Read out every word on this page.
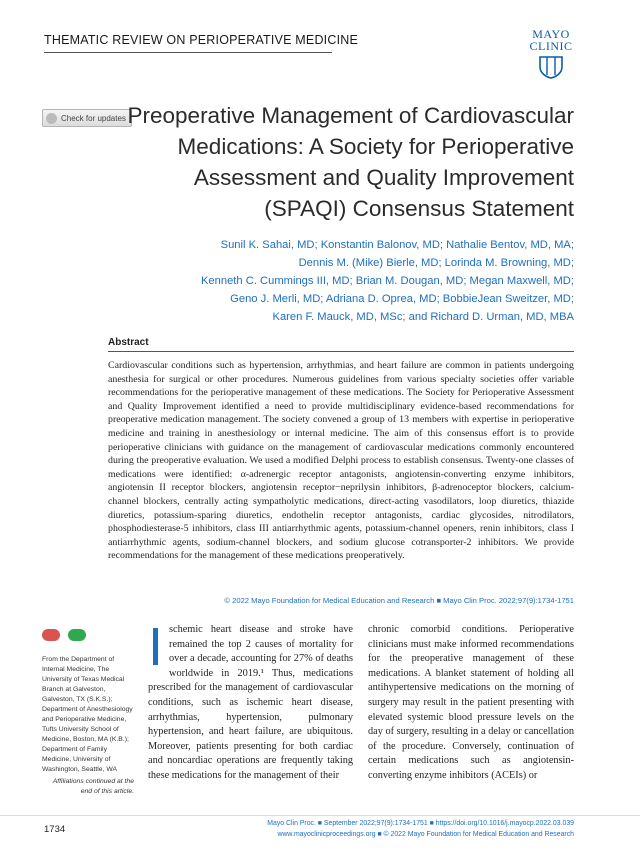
THEMATIC REVIEW ON PERIOPERATIVE MEDICINE	MAYO
CLINIC
Check for updates Preoperative Management of Cardiovascular
Medications: A Society for Perioperative
Assessment and Quality Improvement
(SPAQI) Consensus Statement
Sunil K. Sahai, MD; Konstantin Balonov, MD; Nathalie Bentov, MD, MA;
Dennis M. (Mike) Bierle, MD; Lorinda M. Browning, MD;
Kenneth C. Cummings III, MD; Brian M. Dougan, MD; Megan Maxwell, MD;
Geno J. Merli, MD; Adriana D. Oprea, MD; BobbieJean Sweitzer, MD;
Karen F. Mauck, MD, MSc; and Richard D. Urman, MD, MBA
Abstract
Cardiovascular conditions such as hypertension, arrhythmias, and heart failure are common in patients undergoing anesthesia for surgical or other procedures. Numerous guidelines from various specialty societies offer variable recommendations for the perioperative management of these medications. The Society for Perioperative Assessment and Quality Improvement identified a need to provide multidisciplinary evidence-based recommendations for preoperative medication management. The society convened a group of 13 members with expertise in perioperative medicine and training in anesthesiology or internal medicine. The aim of this consensus effort is to provide perioperative clinicians with guidance on the management of cardiovascular medications commonly encountered during the preoperative evaluation. We used a modified Delphi process to establish consensus. Twenty-one classes of medications were identified: α-adrenergic receptor antagonists, angiotensin-converting enzyme inhibitors, angiotensin II receptor blockers, angiotensin receptor−neprilysin inhibitors, β-adrenoceptor blockers, calcium-channel blockers, centrally acting sympatholytic medications, direct-acting vasodilators, loop diuretics, thiazide diuretics, potassium-sparing diuretics, endothelin receptor antagonists, cardiac glycosides, nitrodilators, phosphodiesterase-5 inhibitors, class III antiarrhythmic agents, potassium-channel openers, renin inhibitors, class I antiarrhythmic agents, sodium-channel blockers, and sodium glucose cotransporter-2 inhibitors. We provide recommendations for the management of these medications preoperatively.
© 2022 Mayo Foundation for Medical Education and Research ■ Mayo Clin Proc. 2022;97(9):1734-1751

From the Department of Internal Medicine, The University of Texas Medical Branch at Galveston, Galveston, TX (S.K.S.); Department of Anesthesiology and Perioperative Medicine, Tufts University School of Medicine, Boston, MA (K.B.); Department of Family Medicine, University of Washington, Seattle, WA
Affiliations continued at the end of this article.
I schemic heart disease and stroke have remained the top 2 causes of mortality for over a decade, accounting for 27% of deaths worldwide in 2019.¹ Thus, medications prescribed for the management of cardiovascular conditions, such as ischemic heart disease, arrhythmias, hypertension, pulmonary hypertension, and heart failure, are ubiquitous. Moreover, patients presenting for both cardiac and noncardiac operations are frequently taking these medications for the management of their
chronic comorbid conditions. Perioperative clinicians must make informed recommendations for the preoperative management of these medications. A blanket statement of holding all antihypertensive medications on the morning of surgery may result in the patient presenting with elevated systemic blood pressure levels on the day of surgery, resulting in a delay or cancellation of the procedure. Conversely, continuation of certain medications such as angiotensin-converting enzyme inhibitors (ACEIs) or
1734
Mayo Clin Proc. ■ September 2022;97(9):1734-1751 ■ https://doi.org/10.1016/j.mayocp.2022.03.039
www.mayoclinicproceedings.org ■ © 2022 Mayo Foundation for Medical Education and Research
